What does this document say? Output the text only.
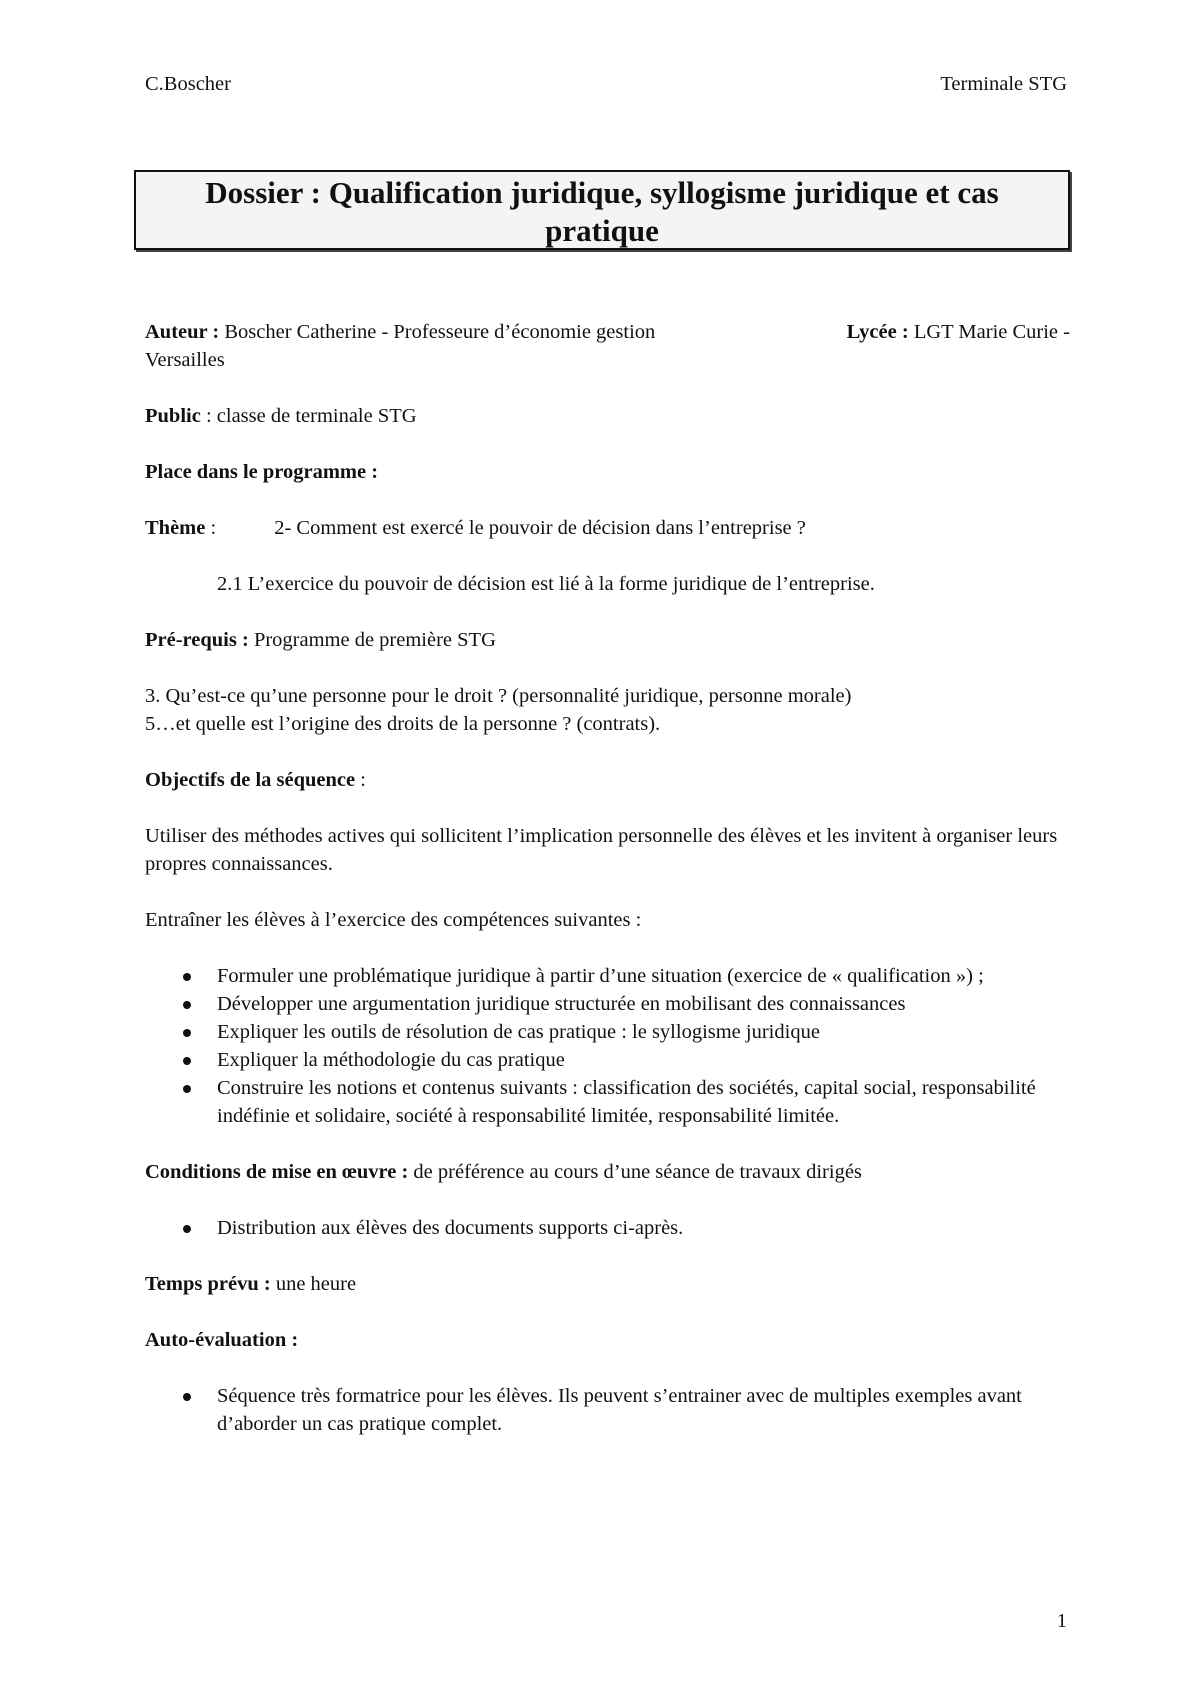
C.Boscher	Terminale STG
Dossier : Qualification juridique, syllogisme juridique et cas
pratique

Auteur : Boscher Catherine - Professeure d’économie gestion	Lycée : LGT Marie Curie -

Versailles

Public : classe de terminale STG

Place dans le programme :

Thème :	2- Comment est exercé le pouvoir de décision dans l’entreprise ?

2.1 L’exercice du pouvoir de décision est lié à la forme juridique de l’entreprise.

Pré-requis : Programme de première STG

3. Qu’est-ce qu’une personne pour le droit ? (personnalité juridique, personne morale)

5…et quelle est l’origine des droits de la personne ? (contrats).

Objectifs de la séquence :

Utiliser des méthodes actives qui sollicitent l’implication personnelle des élèves et les invitent à organiser leurs propres connaissances.

Entraîner les élèves à l’exercice des compétences suivantes :

Formuler une problématique juridique à partir d’une situation (exercice de « qualification ») ;
Développer une argumentation juridique structurée en mobilisant des connaissances
Expliquer les outils de résolution de cas pratique : le syllogisme juridique
Expliquer la méthodologie du cas pratique
Construire les notions et contenus suivants : classification des sociétés, capital social, responsabilité indéfinie et solidaire, société à responsabilité limitée, responsabilité limitée.

Conditions de mise en œuvre : de préférence au cours d’une séance de travaux dirigés

Distribution aux élèves des documents supports ci-après.

Temps prévu : une heure

Auto-évaluation :

Séquence très formatrice pour les élèves. Ils peuvent s’entrainer avec de multiples exemples avant d’aborder un cas pratique complet.
1
